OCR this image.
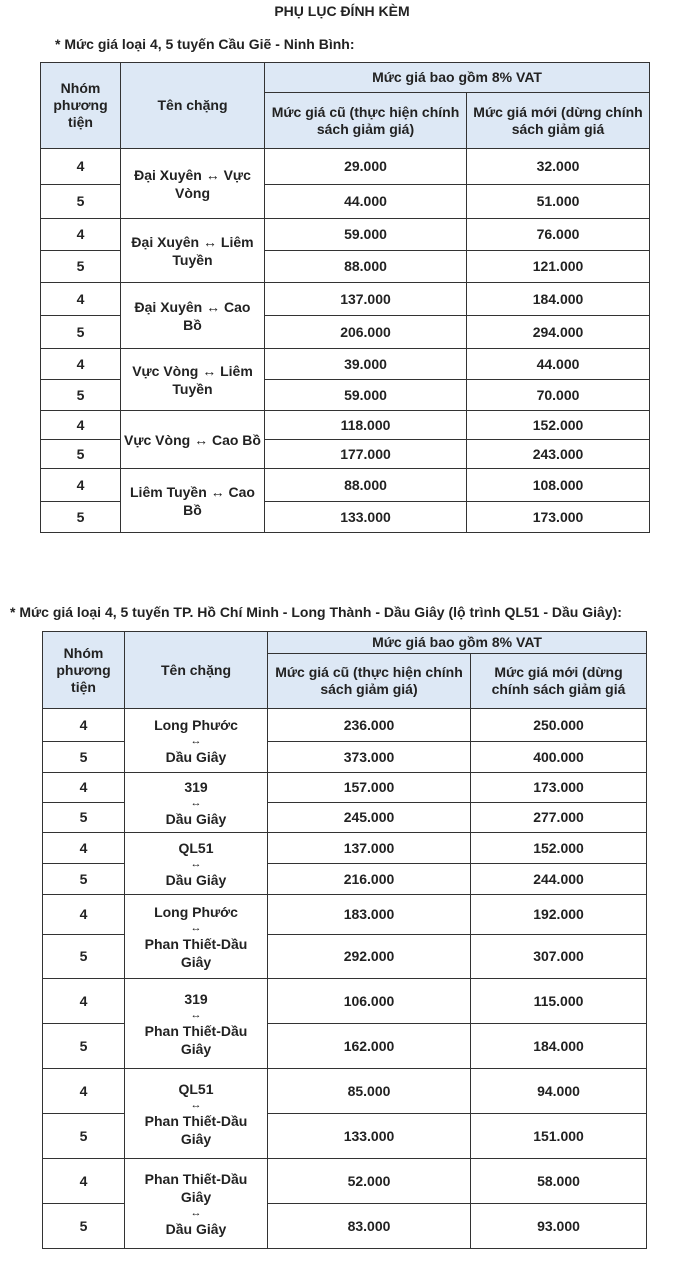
PHỤ LỤC ĐÍNH KÈM
* Mức giá loại 4, 5 tuyến Cầu Giẽ - Ninh Bình:
Nhóm phương tiện	Tên chặng	Mức giá bao gồm 8% VAT	
		Mức giá cũ (thực hiện chính sách giảm giá)	Mức giá mới (dừng chính sách giảm giá
4	Đại Xuyên ↔ Vực Vòng	29.000	32.000
5		44.000	51.000
4	Đại Xuyên ↔ Liêm Tuyền	59.000	76.000
5		88.000	121.000
4	Đại Xuyên ↔ Cao Bồ	137.000	184.000
5		206.000	294.000
4	Vực Vòng ↔ Liêm Tuyền	39.000	44.000
5		59.000	70.000
4	Vực Vòng ↔ Cao Bồ	118.000	152.000
5		177.000	243.000
4	Liêm Tuyền ↔ Cao Bồ	88.000	108.000
5		133.000	173.000
* Mức giá loại 4, 5 tuyến TP. Hồ Chí Minh - Long Thành - Dầu Giây (lộ trình QL51 - Dầu Giây):
Nhóm phương tiện	Tên chặng	Mức giá bao gồm 8% VAT	
		Mức giá cũ (thực hiện chính sách giảm giá)	Mức giá mới (dừng chính sách giảm giá
4	Long Phước
↔
Dầu Giây	236.000	250.000
5		373.000	400.000
4	319
↔
Dầu Giây	157.000	173.000
5		245.000	277.000
4	QL51
↔
Dầu Giây	137.000	152.000
5		216.000	244.000
4	Long Phước
↔
Phan Thiết-Dầu Giây	183.000	192.000
5		292.000	307.000
4	319
↔
Phan Thiết-Dầu Giây	106.000	115.000
5		162.000	184.000
4	QL51
↔
Phan Thiết-Dầu Giây	85.000	94.000
5		133.000	151.000
4	Phan Thiết-Dầu Giây
↔
Dầu Giây	52.000	58.000
5		83.000	93.000
